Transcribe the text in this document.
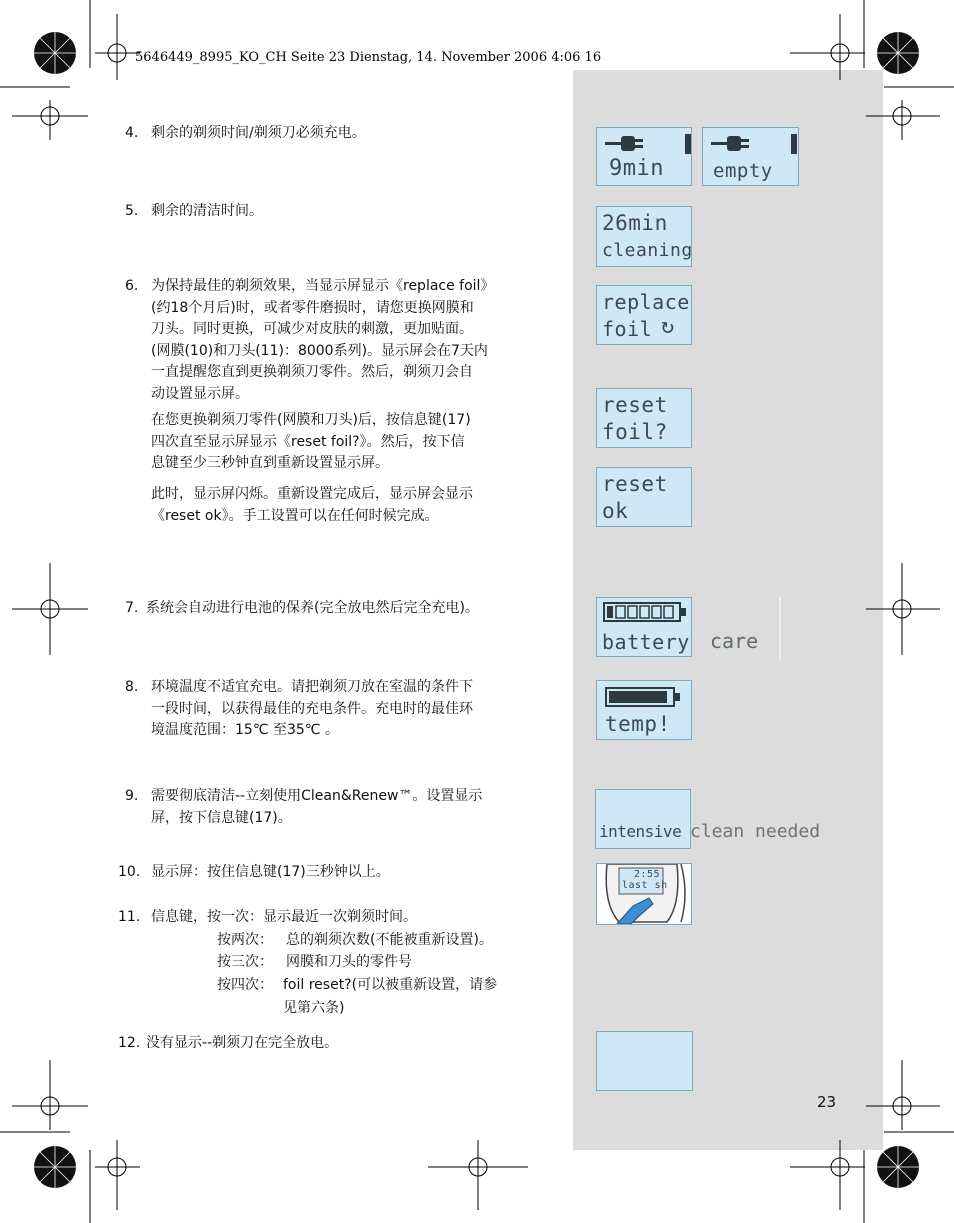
5646449_8995_KO_CH Seite 23 Dienstag, 14. November 2006 4:06 16
4. 剩余的剃须时间/剃须刀必须充电。
5. 剩余的清洁时间。
6. 为保持最佳的剃须效果，当显示屏显示《replace foil》
(约18个月后)时，或者零件磨损时，请您更换网膜和
刀头。同时更换，可减少对皮肤的刺激，更加贴面。
(网膜(10)和刀头(11)：8000系列)。显示屏会在7天内
一直提醒您直到更换剃须刀零件。然后，剃须刀会自
动设置显示屏。
在您更换剃须刀零件(网膜和刀头)后，按信息键(17)
四次直至显示屏显示《reset foil?》。然后，按下信
息键至少三秒钟直到重新设置显示屏。
此时，显示屏闪烁。重新设置完成后，显示屏会显示
《reset ok》。手工设置可以在任何时候完成。
7. 系统会自动进行电池的保养(完全放电然后完全充电)。
8. 环境温度不适宜充电。请把剃须刀放在室温的条件下
一段时间，以获得最佳的充电条件。充电时的最佳环
境温度范围：15℃ 至35℃ 。
9. 需要彻底清洁--立刻使用Clean&Renew™。设置显示
屏，按下信息键(17)。
10. 显示屏：按住信息键(17)三秒钟以上。
11. 信息键，按一次：显示最近一次剃须时间。
按两次： 总的剃须次数(不能被重新设置)。
按三次： 网膜和刀头的零件号
按四次： foil reset?(可以被重新设置，请参
见第六条)
12. 没有显示--剃须刀在完全放电。
23
9min	empty
26min
cleaning
replace
foil ↻
reset
foil?
reset
ok
battery care
temp!
intensive clean needed
2:55
last sh
